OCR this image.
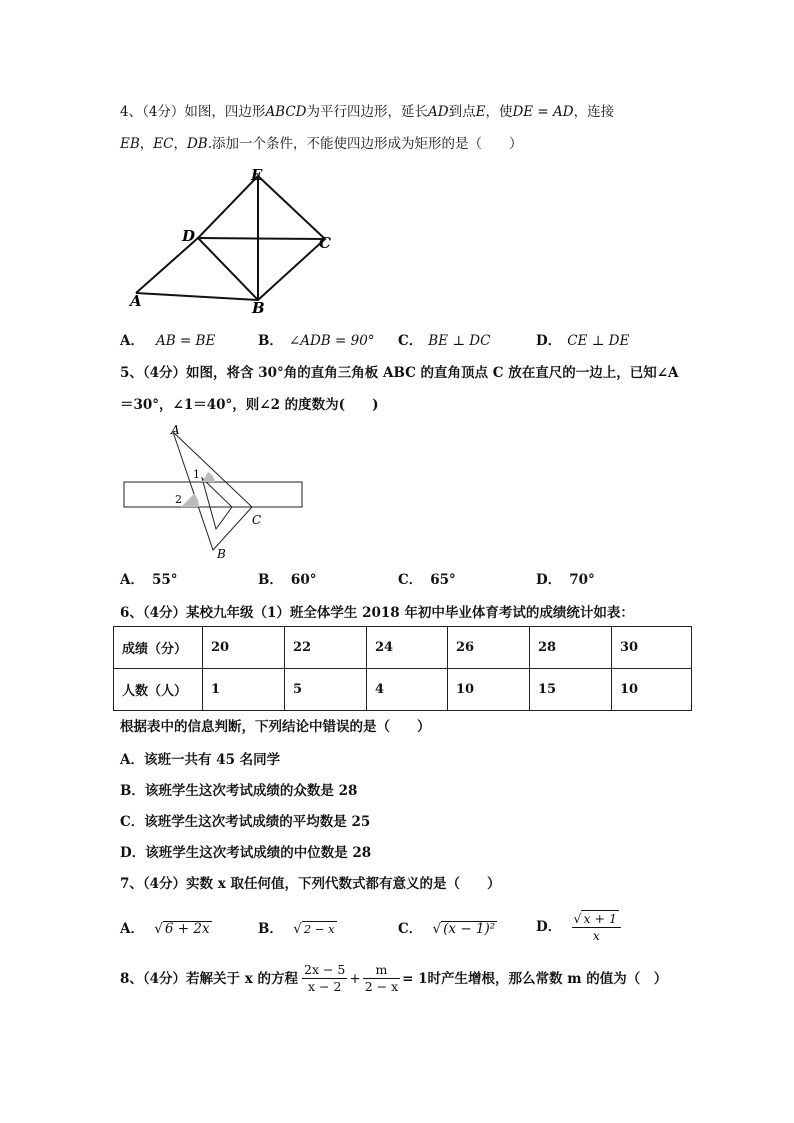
4、（4分）如图，四边形ABCD为平行四边形，延长AD到点E，使DE = AD，连接
EB，EC，DB.添加一个条件，不能使四边形成为矩形的是（　　）
E
D	C
A	B
A． AB = BE	B． ∠ADB = 90° C． BE ⊥ DC	D． CE ⊥ DE
5、（4分）如图，将含 30°角的直角三角板 ABC 的直角顶点 C 放在直尺的一边上，已知∠A
＝30°，∠1＝40°，则∠2 的度数为(　　)
A
1
2
C
B
A． 55°	B． 60°	C． 65°	D． 70°
6、（4分）某校九年级（1）班全体学生 2018 年初中毕业体育考试的成绩统计如表：
成绩（分）	20	22	24	26	28	30
人数（人）	1	5	4	10	15	10
根据表中的信息判断，下列结论中错误的是（　　）
A．该班一共有 45 名同学
B．该班学生这次考试成绩的众数是 28
C．该班学生这次考试成绩的平均数是 25
D．该班学生这次考试成绩的中位数是 28
7、（4分）实数 x 取任何值，下列代数式都有意义的是（　　）
A． √ 6 + 2x	B． √ 2 − x	C． √ (x − 1)²	D． $\frac{√ x + 1}{x}$
8、（4分）若解关于 x 的方程 $\frac{2x - 5}{x - 2} + \frac{m}{2 - x} = 1$时产生增根，那么常数 m 的值为（　）
